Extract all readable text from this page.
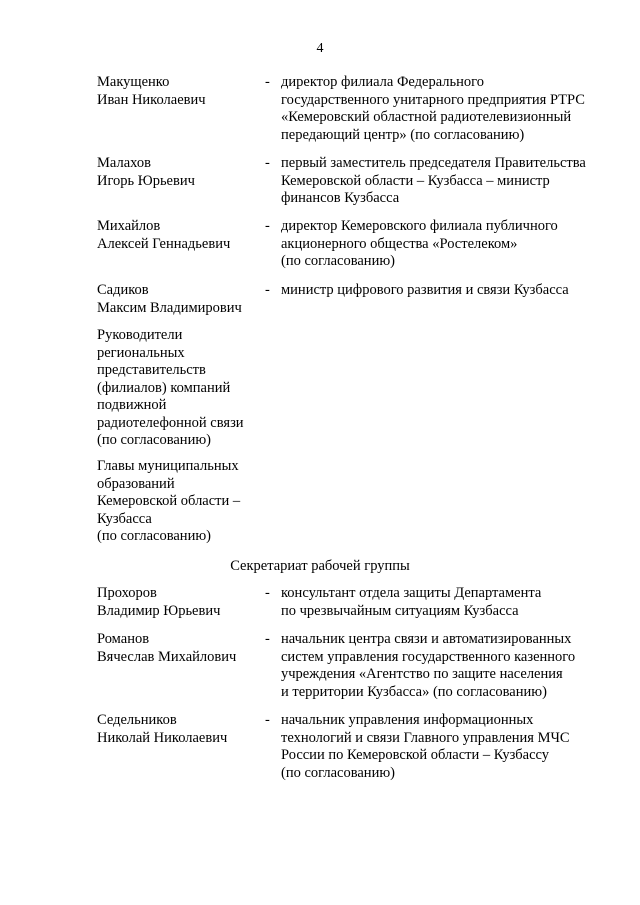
4
Макущенко
Иван Николаевич
- директор филиала Федерального
государственного унитарного предприятия РТРС
«Кемеровский областной радиотелевизионный
передающий центр» (по согласованию)
Малахов
Игорь Юрьевич
- первый заместитель председателя Правительства
Кемеровской области – Кузбасса – министр
финансов Кузбасса
Михайлов
Алексей Геннадьевич
- директор Кемеровского филиала публичного
акционерного общества «Ростелеком»
(по согласованию)
Садиков
Максим Владимирович
- министр цифрового развития и связи Кузбасса
Руководители
региональных
представительств
(филиалов) компаний
подвижной
радиотелефонной связи
(по согласованию)
Главы муниципальных
образований
Кемеровской области –
Кузбасса
(по согласованию)
Секретариат рабочей группы
Прохоров
Владимир Юрьевич
- консультант отдела защиты Департамента
по чрезвычайным ситуациям Кузбасса
Романов
Вячеслав Михайлович
- начальник центра связи и автоматизированных
систем управления государственного казенного
учреждения «Агентство по защите населения
и территории Кузбасса» (по согласованию)
Седельников
Николай Николаевич
- начальник управления информационных
технологий и связи Главного управления МЧС
России по Кемеровской области – Кузбассу
(по согласованию)
